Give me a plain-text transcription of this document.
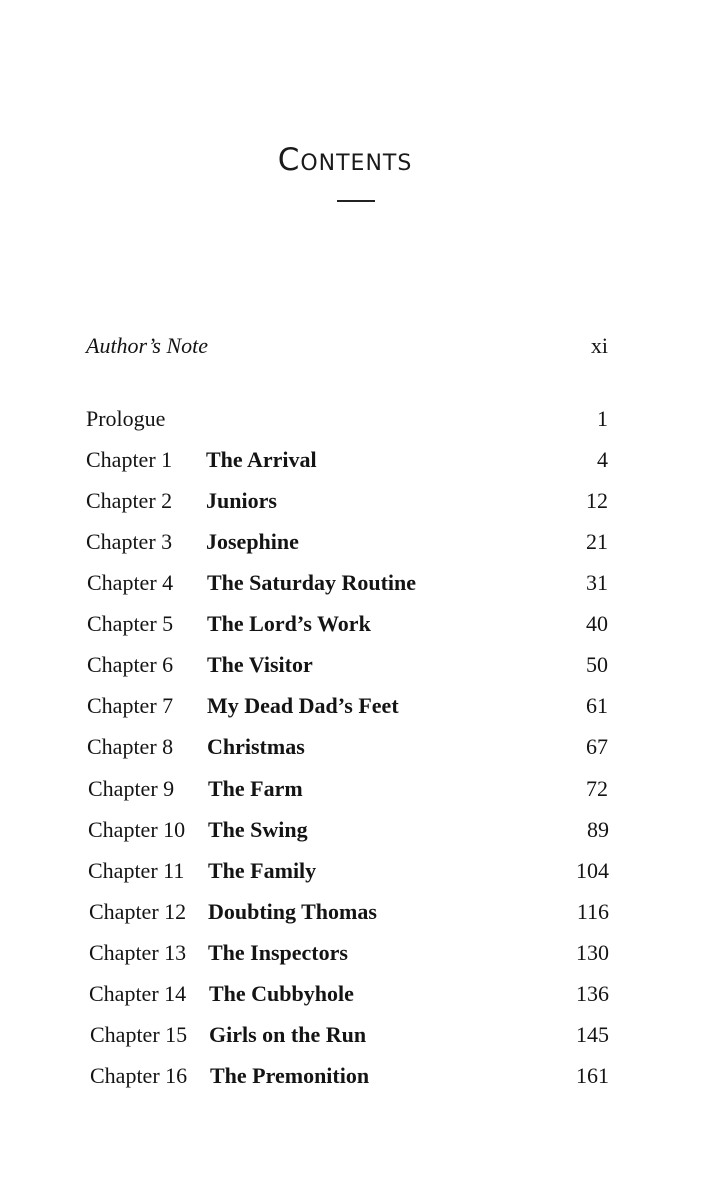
Contents
Author’s Note	xi
Prologue	1
Chapter 1 The Arrival	4
Chapter 2 Juniors	12
Chapter 3 Josephine	21
Chapter 4 The Saturday Routine	31
Chapter 5 The Lord’s Work	40
Chapter 6 The Visitor	50
Chapter 7 My Dead Dad’s Feet	61
Chapter 8 Christmas	67
Chapter 9 The Farm	72
Chapter 10 The Swing	89
Chapter 11 The Family	104
Chapter 12 Doubting Thomas	116
Chapter 13 The Inspectors	130
Chapter 14 The Cubbyhole	136
Chapter 15 Girls on the Run	145
Chapter 16 The Premonition	161
